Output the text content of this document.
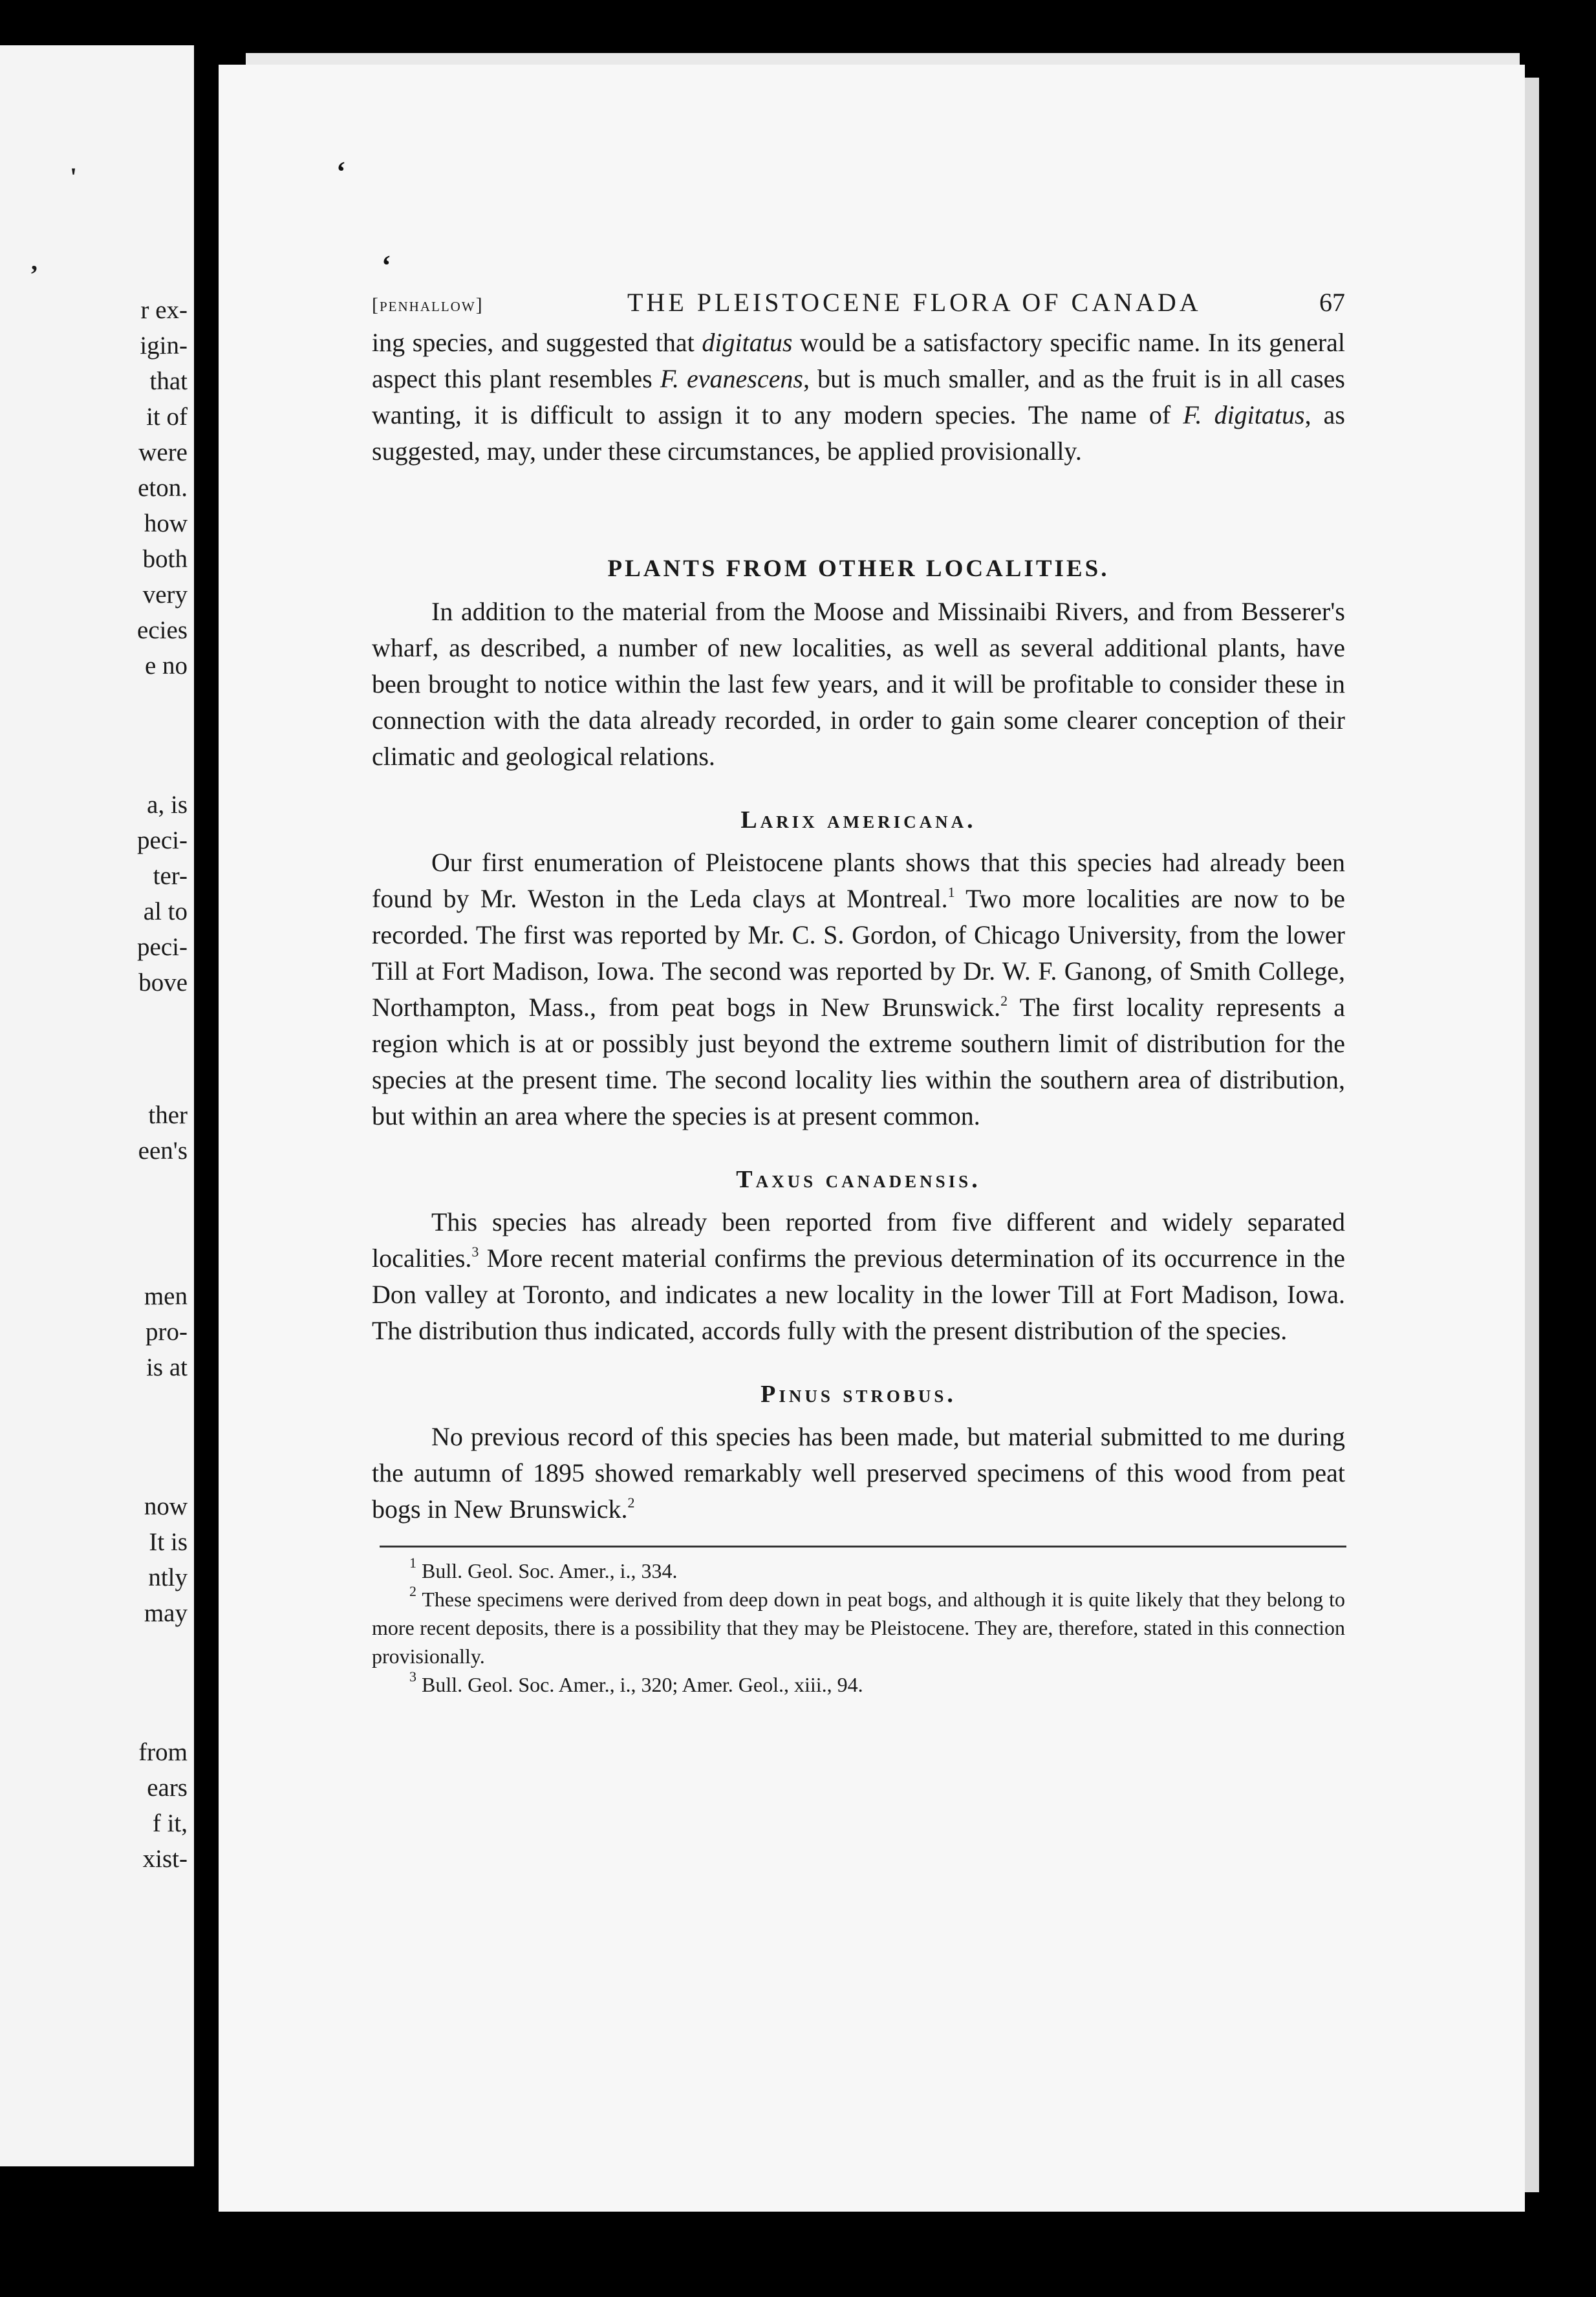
'
,
r ex-
igin-
that
it of
were
eton.
how
both
very
ecies
e no
a, is
peci-
ter-
al to
peci-
bove
ther
een's
men
pro-
is at
now
It is
ntly
may
from
ears
f it,
xist-
‘
‘
[penhallow]	THE PLEISTOCENE FLORA OF CANADA	67

ing species, and suggested that digitatus would be a satisfactory specific name. In its general aspect this plant resembles F. evanescens, but is much smaller, and as the fruit is in all cases wanting, it is difficult to assign it to any modern species. The name of F. digitatus, as suggested, may, under these circumstances, be applied provisionally.

PLANTS FROM OTHER LOCALITIES.

In addition to the material from the Moose and Missinaibi Rivers, and from Besserer's wharf, as described, a number of new localities, as well as several additional plants, have been brought to notice within the last few years, and it will be profitable to consider these in connection with the data already recorded, in order to gain some clearer conception of their climatic and geological relations.

Larix americana.

Our first enumeration of Pleistocene plants shows that this species had already been found by Mr. Weston in the Leda clays at Montreal.$^1$ Two more localities are now to be recorded. The first was reported by Mr. C. S. Gordon, of Chicago University, from the lower Till at Fort Madison, Iowa. The second was reported by Dr. W. F. Ganong, of Smith College, Northampton, Mass., from peat bogs in New Brunswick.$^2$ The first locality represents a region which is at or possibly just beyond the extreme southern limit of distribution for the species at the present time. The second locality lies within the southern area of distribution, but within an area where the species is at present common.

Taxus canadensis.

This species has already been reported from five different and widely separated localities.$^3$ More recent material confirms the previous determination of its occurrence in the Don valley at Toronto, and indicates a new locality in the lower Till at Fort Madison, Iowa. The distribution thus indicated, accords fully with the present distribution of the species.

Pinus strobus.

No previous record of this species has been made, but material submitted to me during the autumn of 1895 showed remarkably well preserved specimens of this wood from peat bogs in New Brunswick.$^2$

$^1$ Bull. Geol. Soc. Amer., i., 334.

$^2$ These specimens were derived from deep down in peat bogs, and although it is quite likely that they belong to more recent deposits, there is a possibility that they may be Pleistocene. They are, therefore, stated in this connection provisionally.

$^3$ Bull. Geol. Soc. Amer., i., 320; Amer. Geol., xiii., 94.
